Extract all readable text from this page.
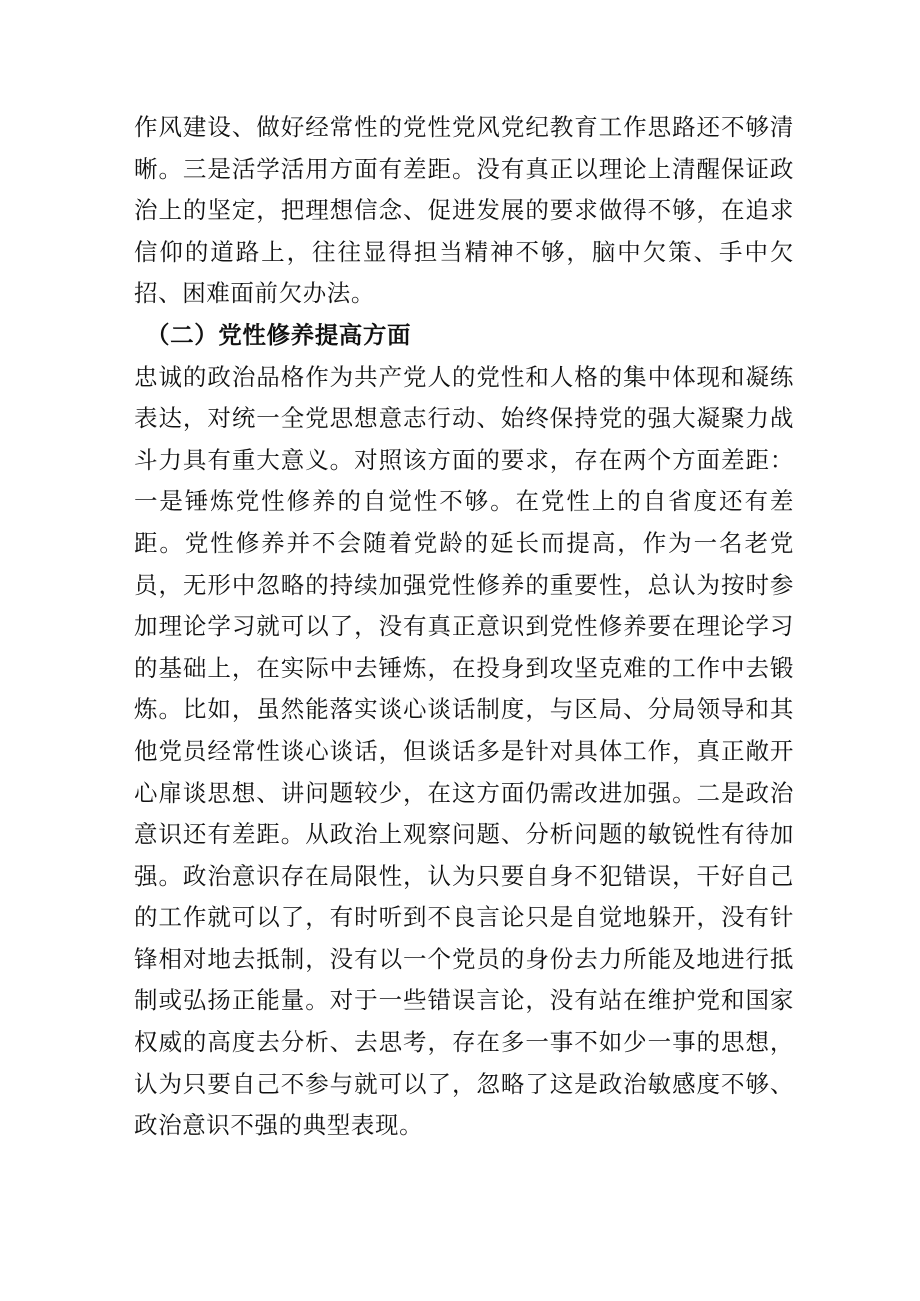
作风建设、做好经常性的党性党风党纪教育工作思路还不够清晰。三是活学活用方面有差距。没有真正以理论上清醒保证政治上的坚定，把理想信念、促进发展的要求做得不够，在追求信仰的道路上，往往显得担当精神不够，脑中欠策、手中欠招、困难面前欠办法。

（二）党性修养提高方面

忠诚的政治品格作为共产党人的党性和人格的集中体现和凝练表达，对统一全党思想意志行动、始终保持党的强大凝聚力战斗力具有重大意义。对照该方面的要求，存在两个方面差距：一是锤炼党性修养的自觉性不够。在党性上的自省度还有差距。党性修养并不会随着党龄的延长而提高，作为一名老党员，无形中忽略的持续加强党性修养的重要性，总认为按时参加理论学习就可以了，没有真正意识到党性修养要在理论学习的基础上，在实际中去锤炼，在投身到攻坚克难的工作中去锻炼。比如，虽然能落实谈心谈话制度，与区局、分局领导和其他党员经常性谈心谈话，但谈话多是针对具体工作，真正敞开心扉谈思想、讲问题较少，在这方面仍需改进加强。二是政治意识还有差距。从政治上观察问题、分析问题的敏锐性有待加强。政治意识存在局限性，认为只要自身不犯错误，干好自己的工作就可以了，有时听到不良言论只是自觉地躲开，没有针锋相对地去抵制，没有以一个党员的身份去力所能及地进行抵制或弘扬正能量。对于一些错误言论，没有站在维护党和国家权威的高度去分析、去思考，存在多一事不如少一事的思想，认为只要自己不参与就可以了，忽略了这是政治敏感度不够、政治意识不强的典型表现。
